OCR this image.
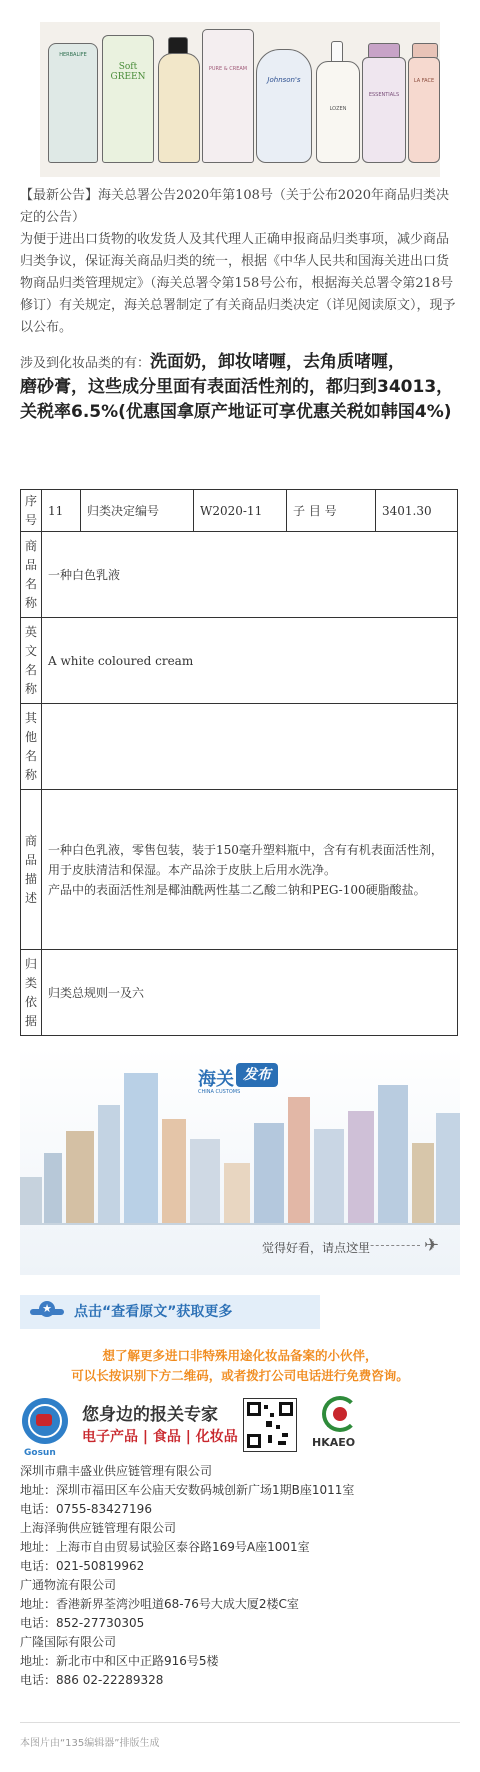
HERBALIFE
Soft GREEN
PURE & CREAM
Johnson's
LOZEN
ESSENTIALS
LA FACE
【最新公告】海关总署公告2020年第108号（关于公布2020年商品归类决定的公告）
为便于进出口货物的收发货人及其代理人正确申报商品归类事项，减少商品归类争议，保证海关商品归类的统一，根据《中华人民共和国海关进出口货物商品归类管理规定》（海关总署令第158号公布，根据海关总署令第218号修订）有关规定，海关总署制定了有关商品归类决定（详见阅读原文），现予以公布。
涉及到化妆品类的有： 洗面奶，卸妆啫喱，去角质啫喱，
磨砂膏，这些成分里面有表面活性剂的，都归到34013，关税率6.5%(优惠国拿原产地证可享优惠关税如韩国4%)
序号	11	归类决定编号	W2020-11	子 目 号	3401.30
商品名称	一种白色乳液				
英文名称	A white coloured cream				
其他名称					
商品描述	一种白色乳液，零售包装，装于150毫升塑料瓶中，含有有机表面活性剂，用于皮肤清洁和保湿。本产品涂于皮肤上后用水洗净。
产品中的表面活性剂是椰油酰两性基二乙酸二钠和PEG-100硬脂酸盐。				

归类依据	归类总规则一及六				
海关 发布
CHINA CUSTOMS
觉得好看，请点这里	✈
★ 点击“查看原文”获取更多
想了解更多进口非特殊用途化妆品备案的小伙伴，
可以长按识别下方二维码，或者拨打公司电话进行免费咨询。
Gosun
您身边的报关专家
电子产品 | 食品 | 化妆品	HKAEO
深圳市鼎丰盛业供应链管理有限公司
地址：深圳市福田区车公庙天安数码城创新广场1期B座1011室
电话：0755-83427196
上海泽驹供应链管理有限公司
地址：上海市自由贸易试验区泰谷路169号A座1001室
电话：021-50819962
广通物流有限公司
地址：香港新界荃湾沙咀道68-76号大成大厦2楼C室
电话：852-27730305
广隆国际有限公司
地址：新北市中和区中正路916号5楼
电话：886 02-22289328
本图片由“135编辑器”排版生成
